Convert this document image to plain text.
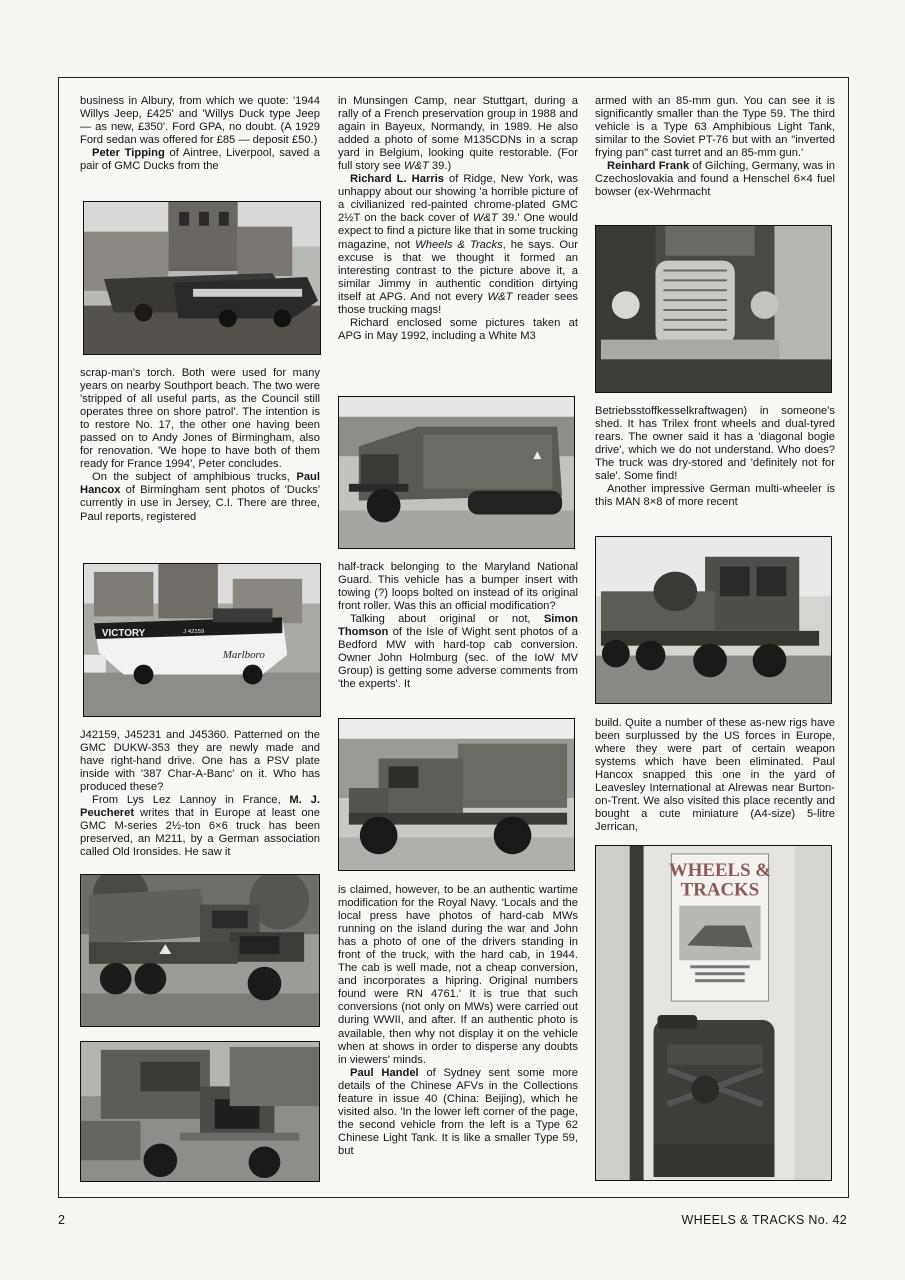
business in Albury, from which we quote: '1944 Willys Jeep, £425' and 'Willys Duck type Jeep — as new, £350'. Ford GPA, no doubt. (A 1929 Ford sedan was offered for £85 — deposit £50.)

Peter Tipping of Aintree, Liverpool, saved a pair of GMC Ducks from the

scrap-man's torch. Both were used for many years on nearby Southport beach. The two were 'stripped of all useful parts, as the Council still operates three on shore patrol'. The intention is to restore No. 17, the other one having been passed on to Andy Jones of Birmingham, also for renovation. 'We hope to have both of them ready for France 1994', Peter concludes.

On the subject of amphibious trucks, Paul Hancox of Birmingham sent photos of 'Ducks' currently in use in Jersey, C.I. There are three, Paul reports, registered

VICTORY	J 42159
Marlboro

J42159, J45231 and J45360. Patterned on the GMC DUKW-353 they are newly made and have right-hand drive. One has a PSV plate inside with '387 Char-A-Banc' on it. Who has produced these?

From Lys Lez Lannoy in France, M. J. Peucheret writes that in Europe at least one GMC M-series 2½-ton 6×6 truck has been preserved, an M211, by a German association called Old Ironsides. He saw it

in Munsingen Camp, near Stuttgart, during a rally of a French preservation group in 1988 and again in Bayeux, Normandy, in 1989. He also added a photo of some M135CDNs in a scrap yard in Belgium, looking quite restorable. (For full story see W&T 39.)

Richard L. Harris of Ridge, New York, was unhappy about our showing 'a horrible picture of a civilianized red-painted chrome-plated GMC 2½T on the back cover of W&T 39.' One would expect to find a picture like that in some trucking magazine, not Wheels & Tracks, he says. Our excuse is that we thought it formed an interesting contrast to the picture above it, a similar Jimmy in authentic condition dirtying itself at APG. And not every W&T reader sees those trucking mags!

Richard enclosed some pictures taken at APG in May 1992, including a White M3

half-track belonging to the Maryland National Guard. This vehicle has a bumper insert with towing (?) loops bolted on instead of its original front roller. Was this an official modification?

Talking about original or not, Simon Thomson of the Isle of Wight sent photos of a Bedford MW with hard-top cab conversion. Owner John Holmburg (sec. of the IoW MV Group) is getting some adverse comments from 'the experts'. It

is claimed, however, to be an authentic wartime modification for the Royal Navy. 'Locals and the local press have photos of hard-cab MWs running on the island during the war and John has a photo of one of the drivers standing in front of the truck, with the hard cab, in 1944. The cab is well made, not a cheap conversion, and incorporates a hipring. Original numbers found were RN 4761.' It is true that such conversions (not only on MWs) were carried out during WWII, and after. If an authentic photo is available, then why not display it on the vehicle when at shows in order to disperse any doubts in viewers' minds.

Paul Handel of Sydney sent some more details of the Chinese AFVs in the Collections feature in issue 40 (China: Beijing), which he visited also. 'In the lower left corner of the page, the second vehicle from the left is a Type 62 Chinese Light Tank. It is like a smaller Type 59, but

armed with an 85-mm gun. You can see it is significantly smaller than the Type 59. The third vehicle is a Type 63 Amphibious Light Tank, similar to the Soviet PT-76 but with an "inverted frying pan" cast turret and an 85-mm gun.'

Reinhard Frank of Gilching, Germany, was in Czechoslovakia and found a Henschel 6×4 fuel bowser (ex-Wehrmacht

Betriebsstoffkesselkraftwagen) in someone's shed. It has Trilex front wheels and dual-tyred rears. The owner said it has a 'diagonal bogie drive', which we do not understand. Who does? The truck was dry-stored and 'definitely not for sale'. Some find!

Another impressive German multi-wheeler is this MAN 8×8 of more recent

build. Quite a number of these as-new rigs have been surplussed by the US forces in Europe, where they were part of certain weapon systems which have been eliminated. Paul Hancox snapped this one in the yard of Leavesley International at Alrewas near Burton-on-Trent. We also visited this place recently and bought a cute miniature (A4-size) 5-litre Jerrican,

WHEELS &
TRACKS
2	WHEELS & TRACKS No. 42
